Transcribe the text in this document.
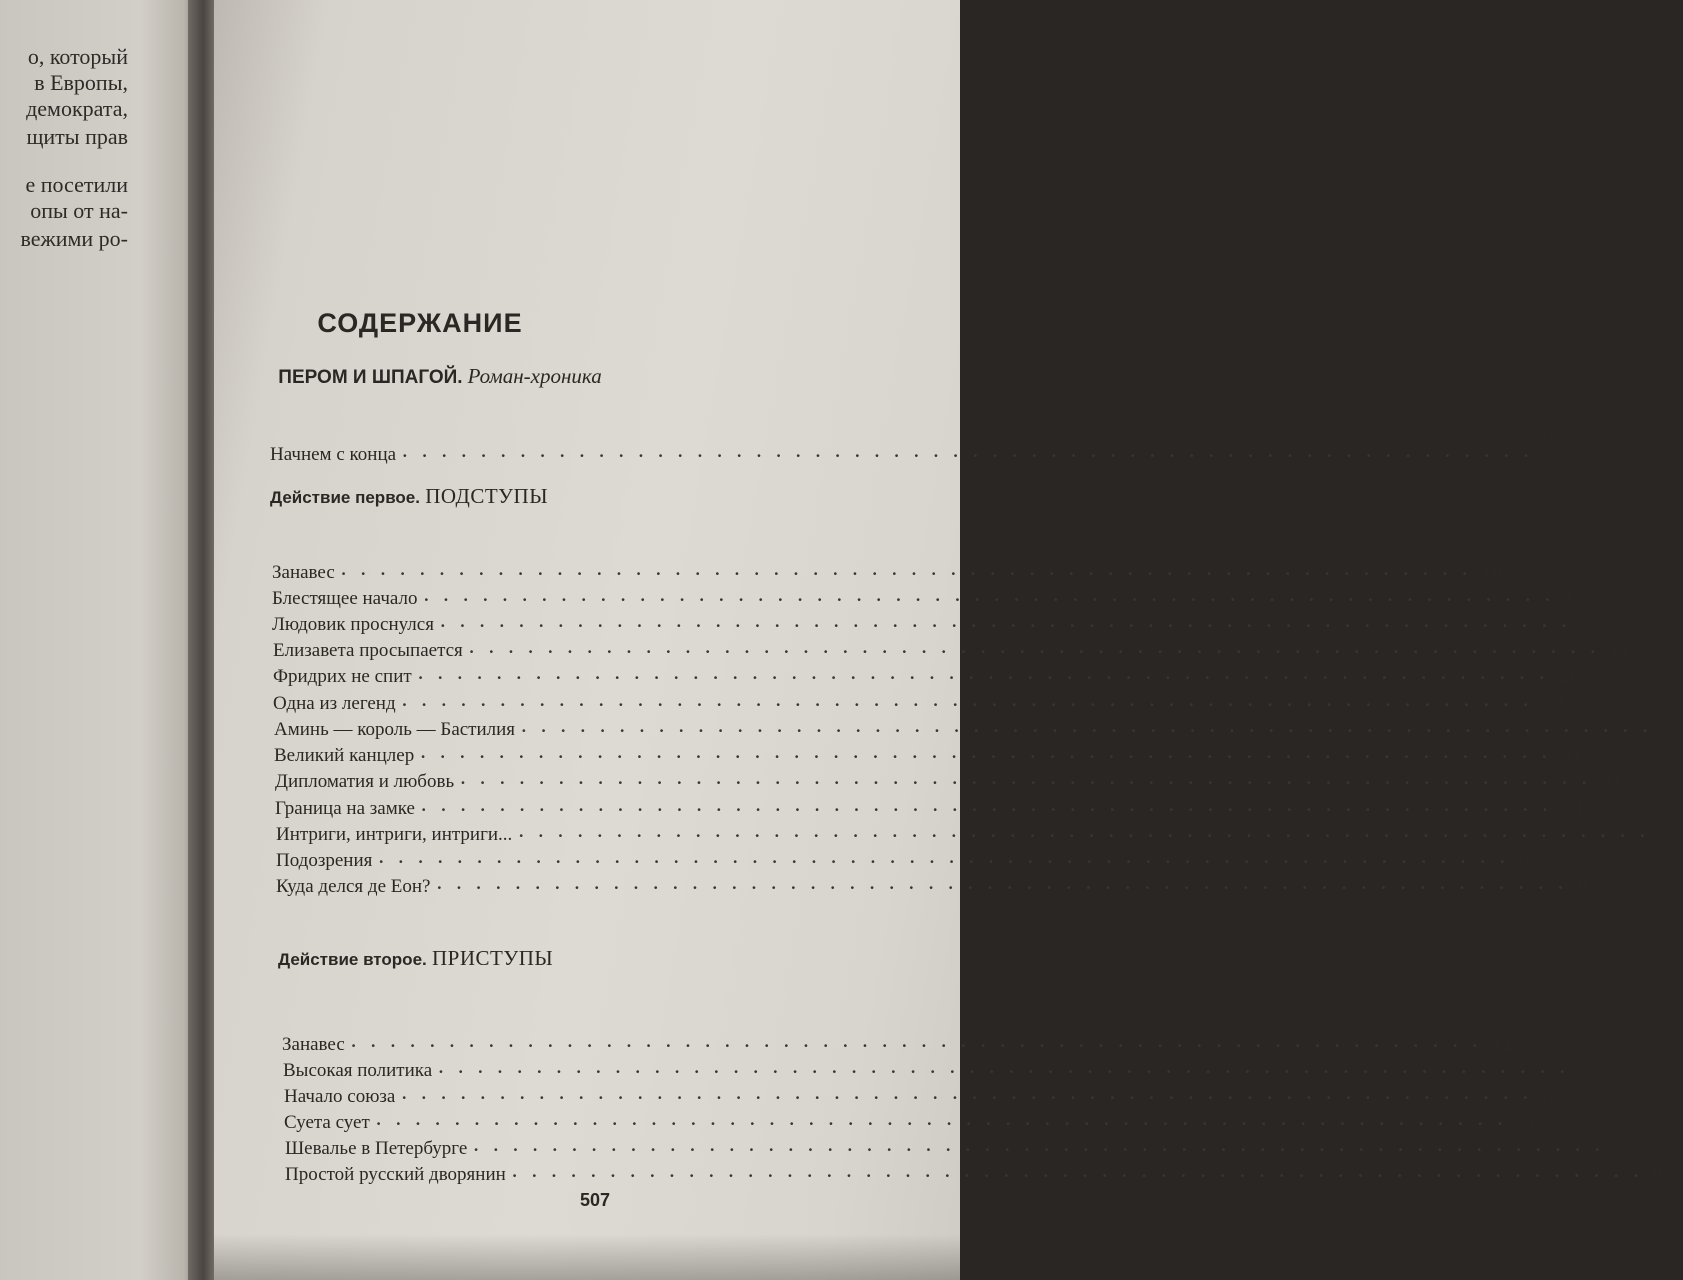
о, который
в Европы,
демократа,
щиты прав
е посетили
опы от на-
вежими ро-
СОДЕРЖАНИЕ
ПЕРОМ И ШПАГОЙ. Роман-хроника
Начнем с конца ··························································
6
Действие первое. ПОДСТУПЫ
Занавес ·························································· 10
Блестящее начало ·························································· 11
Людовик проснулся ·························································· 16
Елизавета просыпается ·························································· 21
Фридрих не спит ·························································· 26
Одна из легенд ·························································· 34
Аминь — король — Бастилия ·························································· 37
Великий канцлер ·························································· 41
Дипломатия и любовь ·························································· 47
Граница на замке ·························································· 54
Интриги, интриги, интриги... ·························································· 57
Подозрения ·························································· 62
Куда делся де Еон? ·························································· 67
Действие второе. ПРИСТУПЫ
Занавес ·························································· 71
Высокая политика ·························································· 72
Начало союза ·························································· 81
Суета сует ·························································· 87
Шевалье в Петербурге ·························································· 91
Простой русский дворянин ·························································· 96
507
